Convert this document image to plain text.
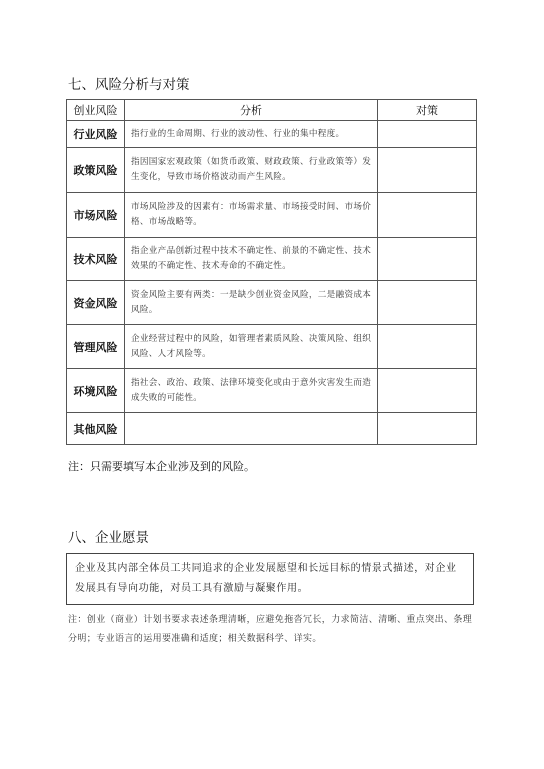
七、风险分析与对策
创业风险	分析	对策
行业风险	指行业的生命周期、行业的波动性、行业的集中程度。	
政策风险	指因国家宏观政策（如货币政策、财政政策、行业政策等）发生变化，导致市场价格波动而产生风险。	
市场风险	市场风险涉及的因素有：市场需求量、市场接受时间、市场价格、市场战略等。	
技术风险	指企业产品创新过程中技术不确定性、前景的不确定性、技术效果的不确定性、技术寿命的不确定性。	
资金风险	资金风险主要有两类：一是缺少创业资金风险，二是融资成本风险。	
管理风险	企业经营过程中的风险，如管理者素质风险、决策风险、组织风险、人才风险等。	
环境风险	指社会、政治、政策、法律环境变化或由于意外灾害发生而造成失败的可能性。	
其他风险		
注：只需要填写本企业涉及到的风险。
八、企业愿景
企业及其内部全体员工共同追求的企业发展愿望和长远目标的情景式描述，对企业发展具有导向功能，对员工具有激励与凝聚作用。
注：创业（商业）计划书要求表述条理清晰，应避免拖沓冗长，力求简洁、清晰、重点突出、条理分明；专业语言的运用要准确和适度；相关数据科学、详实。
